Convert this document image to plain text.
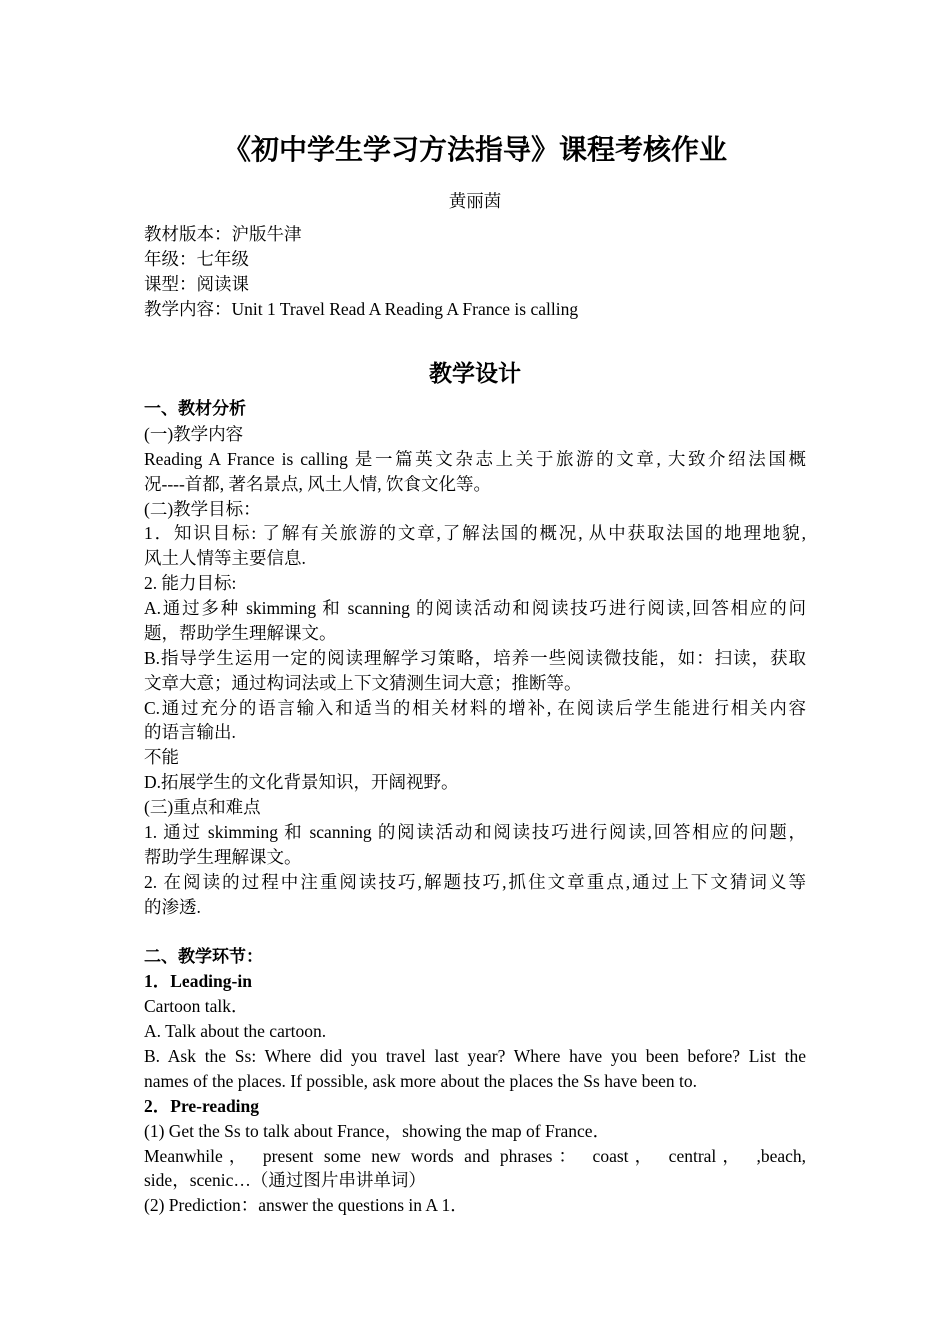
《初中学生学习方法指导》课程考核作业
黄丽茵
教材版本：沪版牛津
年级：七年级
课型：阅读课
教学内容：Unit 1 Travel Read A Reading A France is calling
教学设计
一、教材分析
(一)教学内容
Reading A France is calling 是一篇英文杂志上关于旅游的文章, 大致介绍法国概
况----首都, 著名景点, 风土人情, 饮食文化等。
(二)教学目标：
1．知识目标: 了解有关旅游的文章,了解法国的概况, 从中获取法国的地理地貌,
风土人情等主要信息.
2. 能力目标:
A.通过多种 skimming 和 scanning 的阅读活动和阅读技巧进行阅读,回答相应的问
题，帮助学生理解课文。
B.指导学生运用一定的阅读理解学习策略，培养一些阅读微技能，如：扫读，获取
文章大意；通过构词法或上下文猜测生词大意；推断等。
C.通过充分的语言输入和适当的相关材料的增补, 在阅读后学生能进行相关内容
的语言输出.
不能
D.拓展学生的文化背景知识，开阔视野。
(三)重点和难点
1. 通过 skimming 和 scanning 的阅读活动和阅读技巧进行阅读,回答相应的问题，
帮助学生理解课文。
2. 在阅读的过程中注重阅读技巧,解题技巧,抓住文章重点,通过上下文猜词义等
的渗透.
二、教学环节：
1．Leading-in
Cartoon talk．
A. Talk about the cartoon.
B. Ask the Ss: Where did you travel last year? Where have you been before? List the
names of the places. If possible, ask more about the places the Ss have been to.
2．Pre-reading
(1) Get the Ss to talk about France，showing the map of France．
Meanwhile， present some new words and phrases： coast， central， ,beach,
side，scenic…（通过图片串讲单词）
(2) Prediction：answer the questions in A 1．
